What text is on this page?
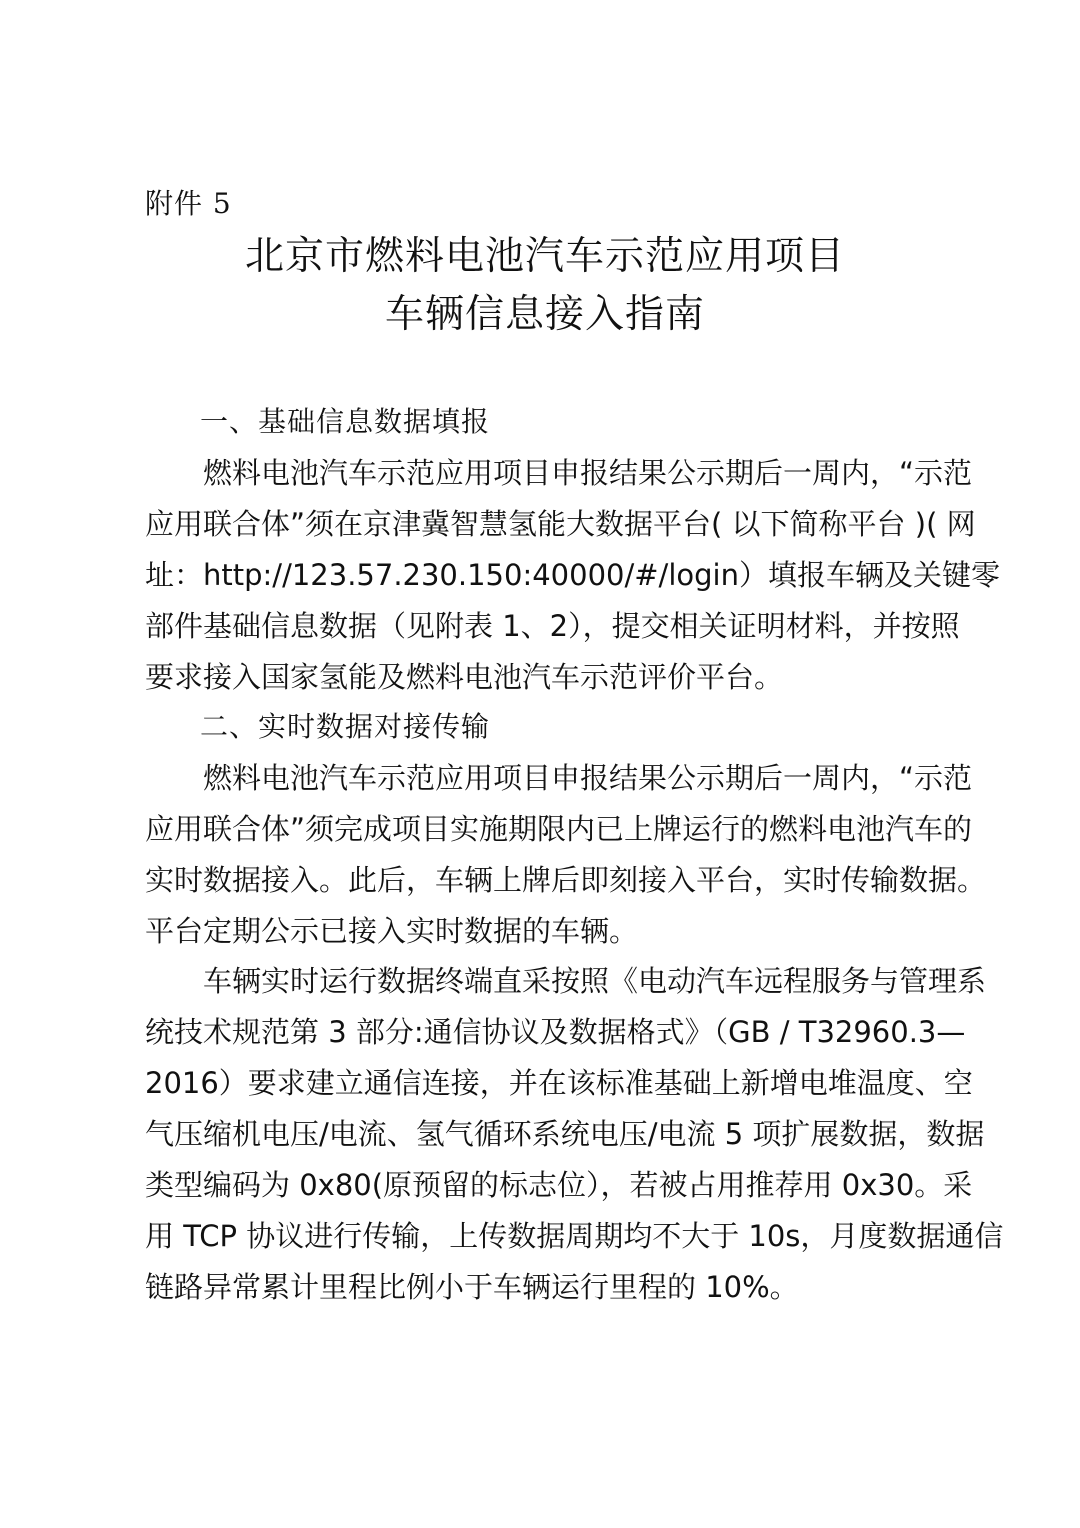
附件 5
北京市燃料电池汽车示范应用项目
车辆信息接入指南
一、基础信息数据填报
　　燃料电池汽车示范应用项目申报结果公示期后一周内，“示范
应用联合体”须在京津冀智慧氢能大数据平台( 以下简称平台 )( 网
址：http://123.57.230.150:40000/#/login）填报车辆及关键零
部件基础信息数据（见附表 1、2），提交相关证明材料，并按照
要求接入国家氢能及燃料电池汽车示范评价平台。
二、实时数据对接传输
　　燃料电池汽车示范应用项目申报结果公示期后一周内，“示范
应用联合体”须完成项目实施期限内已上牌运行的燃料电池汽车的
实时数据接入。此后，车辆上牌后即刻接入平台，实时传输数据。
平台定期公示已接入实时数据的车辆。
　　车辆实时运行数据终端直采按照《电动汽车远程服务与管理系
统技术规范第 3 部分:通信协议及数据格式》（GB / T32960.3—
2016）要求建立通信连接，并在该标准基础上新增电堆温度、空
气压缩机电压/电流、氢气循环系统电压/电流 5 项扩展数据，数据
类型编码为 0x80(原预留的标志位），若被占用推荐用 0x30。采
用 TCP 协议进行传输，上传数据周期均不大于 10s，月度数据通信
链路异常累计里程比例小于车辆运行里程的 10%。
